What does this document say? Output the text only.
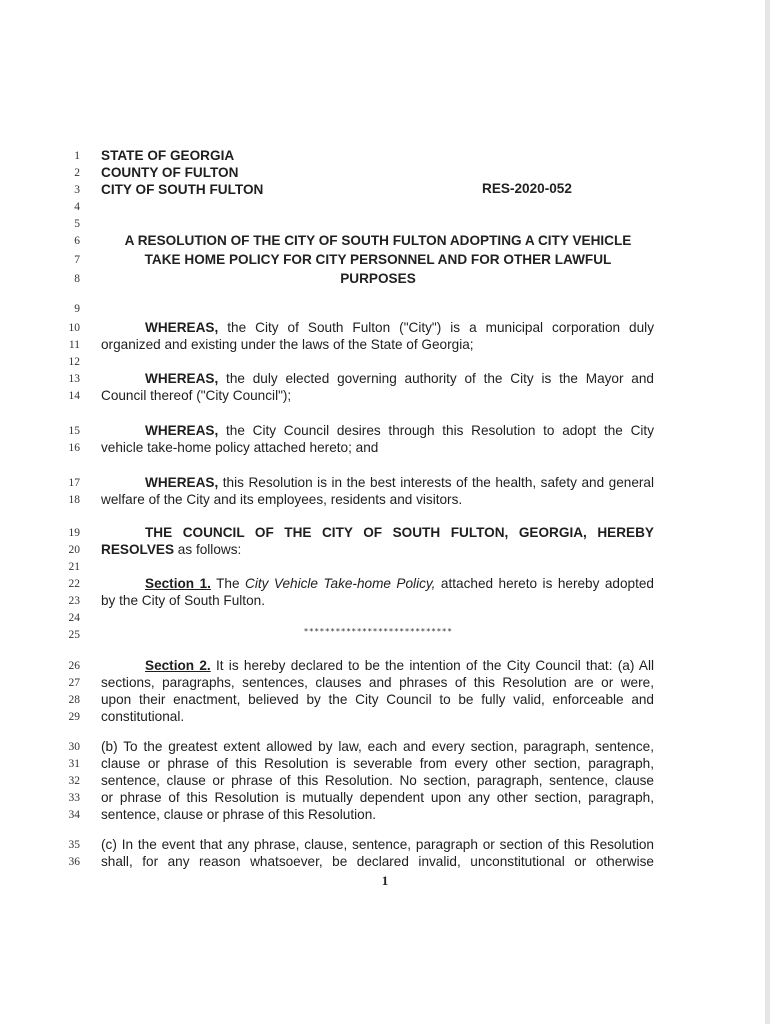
1
2
3
4
5
6
7
8
9
10
11
12
13
14
15
16
17
18
19
20
21
22
23
24
25
26
27
28
29
30
31
32
33
34
35
36
STATE OF GEORGIA
COUNTY OF FULTON
CITY OF SOUTH FULTON	RES-2020-052
A RESOLUTION OF THE CITY OF SOUTH FULTON ADOPTING A CITY VEHICLE
TAKE HOME POLICY FOR CITY PERSONNEL AND FOR OTHER LAWFUL
PURPOSES
WHEREAS, the City of South Fulton ("City") is a municipal corporation duly
organized and existing under the laws of the State of Georgia;
WHEREAS, the duly elected governing authority of the City is the Mayor and
Council thereof ("City Council");
WHEREAS, the City Council desires through this Resolution to adopt the City
vehicle take-home policy attached hereto; and
WHEREAS, this Resolution is in the best interests of the health, safety and general
welfare of the City and its employees, residents and visitors.
THE COUNCIL OF THE CITY OF SOUTH FULTON, GEORGIA, HEREBY
RESOLVES as follows:
Section 1. The City Vehicle Take-home Policy, attached hereto is hereby adopted
by the City of South Fulton.
****************************
Section 2. It is hereby declared to be the intention of the City Council that: (a) All
sections, paragraphs, sentences, clauses and phrases of this Resolution are or were,
upon their enactment, believed by the City Council to be fully valid, enforceable and
constitutional.
(b) To the greatest extent allowed by law, each and every section, paragraph, sentence,
clause or phrase of this Resolution is severable from every other section, paragraph,
sentence, clause or phrase of this Resolution. No section, paragraph, sentence, clause
or phrase of this Resolution is mutually dependent upon any other section, paragraph,
sentence, clause or phrase of this Resolution.
(c) In the event that any phrase, clause, sentence, paragraph or section of this Resolution
shall, for any reason whatsoever, be declared invalid, unconstitutional or otherwise
1
